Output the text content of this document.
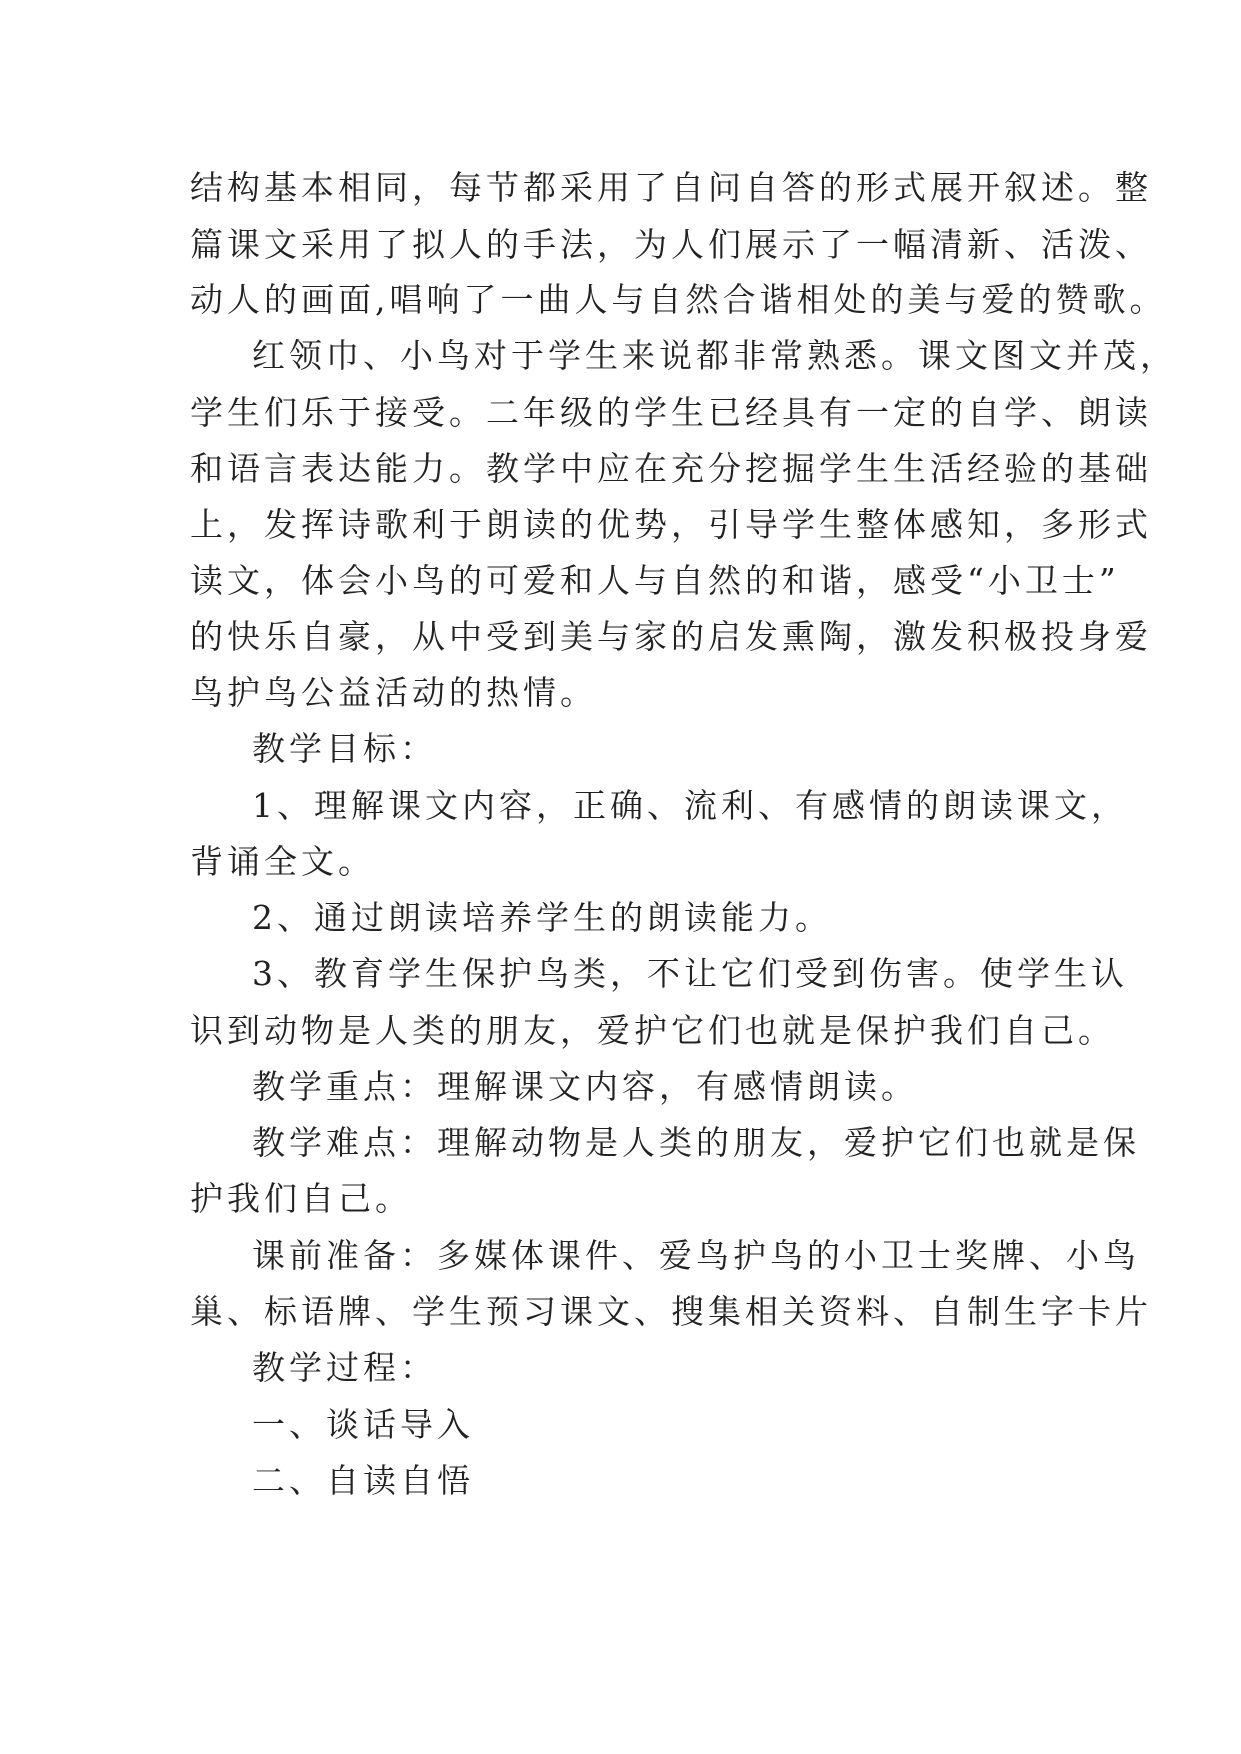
结构基本相同，每节都采用了自问自答的形式展开叙述。整
篇课文采用了拟人的手法，为人们展示了一幅清新、活泼、
动人的画面,唱响了一曲人与自然合谐相处的美与爱的赞歌。
红领巾、小鸟对于学生来说都非常熟悉。课文图文并茂，
学生们乐于接受。二年级的学生已经具有一定的自学、朗读
和语言表达能力。教学中应在充分挖掘学生生活经验的基础
上，发挥诗歌利于朗读的优势，引导学生整体感知，多形式
读文，体会小鸟的可爱和人与自然的和谐，感受“小卫士”
的快乐自豪，从中受到美与家的启发熏陶，激发积极投身爱
鸟护鸟公益活动的热情。
教学目标：
1、理解课文内容，正确、流利、有感情的朗读课文，
背诵全文。
2、通过朗读培养学生的朗读能力。
3、教育学生保护鸟类，不让它们受到伤害。使学生认
识到动物是人类的朋友，爱护它们也就是保护我们自己。
教学重点：理解课文内容，有感情朗读。
教学难点：理解动物是人类的朋友，爱护它们也就是保
护我们自己。
课前准备：多媒体课件、爱鸟护鸟的小卫士奖牌、小鸟
巢、标语牌、学生预习课文、搜集相关资料、自制生字卡片
教学过程：
一、谈话导入
二、自读自悟
